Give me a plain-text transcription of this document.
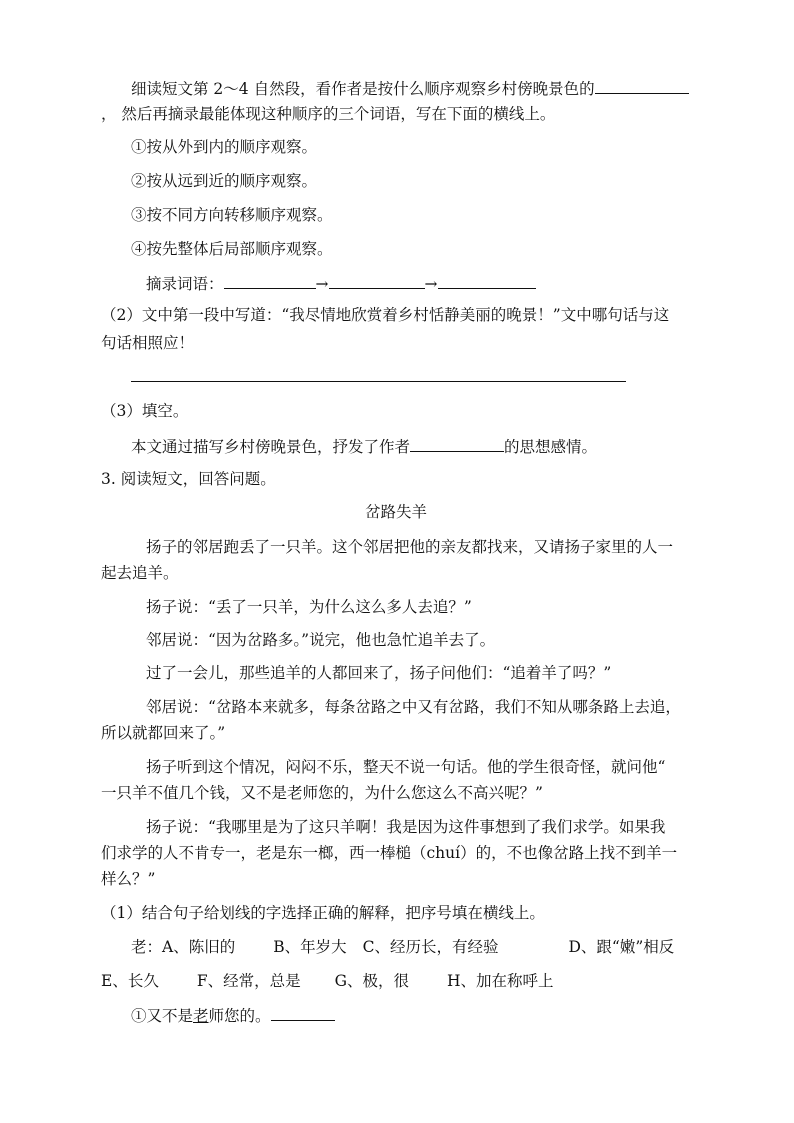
细读短文第 2～4 自然段，看作者是按什么顺序观察乡村傍晚景色的
， 然后再摘录最能体现这种顺序的三个词语，写在下面的横线上。
①按从外到内的顺序观察。
②按从远到近的顺序观察。
③按不同方向转移顺序观察。
④按先整体后局部顺序观察。
摘录词语：	→	→
（2）文中第一段中写道：“我尽情地欣赏着乡村恬静美丽的晚景！”文中哪句话与这
句话相照应！
（3）填空。
本文通过描写乡村傍晚景色，抒发了作者	的思想感情。
3. 阅读短文，回答问题。
岔路失羊
扬子的邻居跑丢了一只羊。这个邻居把他的亲友都找来，又请扬子家里的人一
起去追羊。
扬子说：“丢了一只羊，为什么这么多人去追？”
邻居说：“因为岔路多。”说完，他也急忙追羊去了。
过了一会儿，那些追羊的人都回来了，扬子问他们：“追着羊了吗？”
邻居说：“岔路本来就多，每条岔路之中又有岔路，我们不知从哪条路上去追，
所以就都回来了。”
扬子听到这个情况，闷闷不乐，整天不说一句话。他的学生很奇怪，就问他“
一只羊不值几个钱，又不是老师您的，为什么您这么不高兴呢？”
扬子说：“我哪里是为了这只羊啊！我是因为这件事想到了我们求学。如果我
们求学的人不肯专一，老是东一榔，西一棒槌（chuí）的，不也像岔路上找不到羊一
样么？”
（1）结合句子给划线的字选择正确的解释，把序号填在横线上。
老：A、陈旧的 B、年岁大 C、经历长，有经验	D、跟“嫩”相反
E、长久 F、经常，总是 G、极，很 H、加在称呼上
①又不是老师您的。
